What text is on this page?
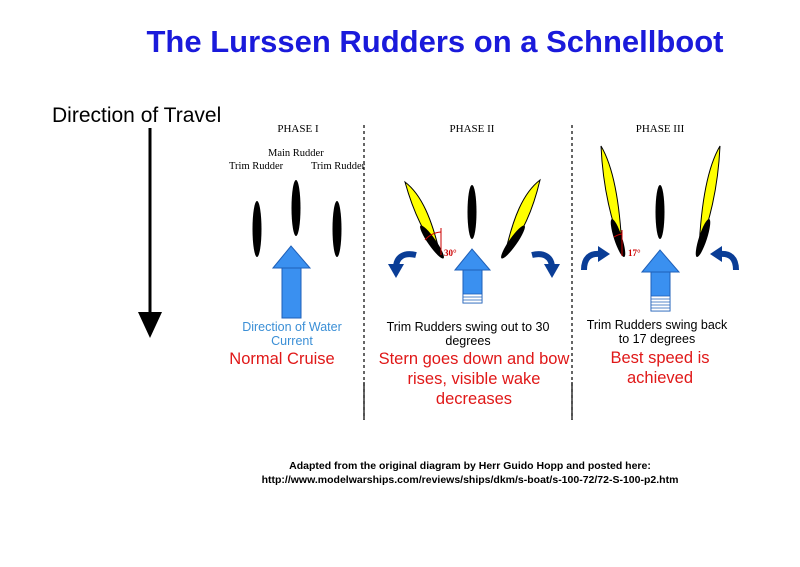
The Lurssen Rudders on a Schnellboot
Direction of Travel
30°	17°
PHASE I
Main Rudder
Trim Rudder	Trim Rudder
Direction of Water Current
Normal Cruise
PHASE II
Trim Rudders swing out to 30 degrees
Stern goes down and bow rises, visible wake decreases
PHASE III
Trim Rudders swing back to 17 degrees
Best speed is achieved
Adapted from the original diagram by Herr Guido Hopp and posted here:
http://www.modelwarships.com/reviews/ships/dkm/s-boat/s-100-72/72-S-100-p2.htm
